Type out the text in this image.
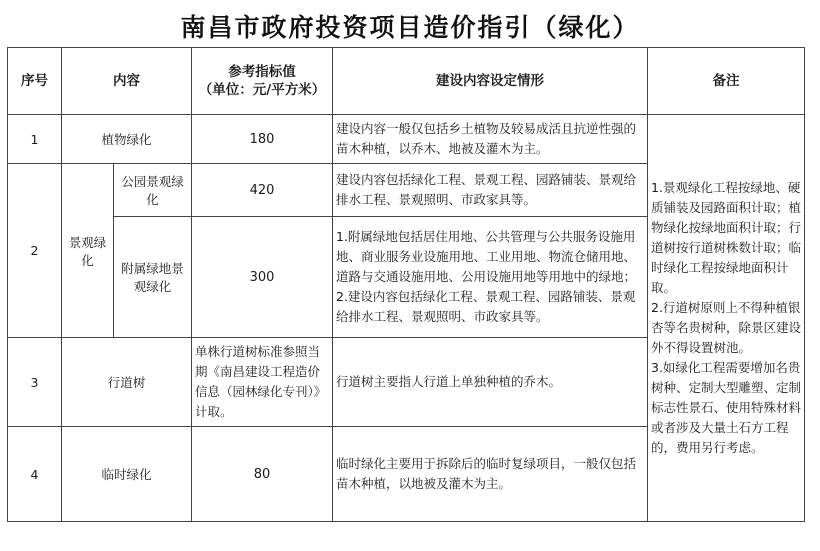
南昌市政府投资项目造价指引（绿化）
序号	内容		参考指标值
（单位：元/平方米）	建设内容设定情形	备注
1	植物绿化		180	建设内容一般仅包括乡土植物及较易成活且抗逆性强的苗木种植，以乔木、地被及灌木为主。	1.景观绿化工程按绿地、硬质铺装及园路面积计取；植物绿化按绿地面积计取；行道树按行道树株数计取；临时绿化工程按绿地面积计取。
2.行道树原则上不得种植银杏等名贵树种，除景区建设外不得设置树池。
3.如绿化工程需要增加名贵树种、定制大型雕塑、定制标志性景石、使用特殊材料或者涉及大量土石方工程的，费用另行考虑。

2	景观绿化	公园景观绿化	420	建设内容包括绿化工程、景观工程、园路铺装、景观给排水工程、景观照明、市政家具等。	
		附属绿地景观绿化	300	1.附属绿地包括居住用地、公共管理与公共服务设施用地、商业服务业设施用地、工业用地、物流仓储用地、道路与交通设施用地、公用设施用地等用地中的绿地；
2.建设内容包括绿化工程、景观工程、园路铺装、景观给排水工程、景观照明、市政家具等。	

3	行道树		单株行道树标准参照当期《南昌建设工程造价信息（园林绿化专刊）》计取。	行道树主要指人行道上单独种植的乔木。	
4	临时绿化		80	临时绿化主要用于拆除后的临时复绿项目，一般仅包括苗木种植，以地被及灌木为主。	
